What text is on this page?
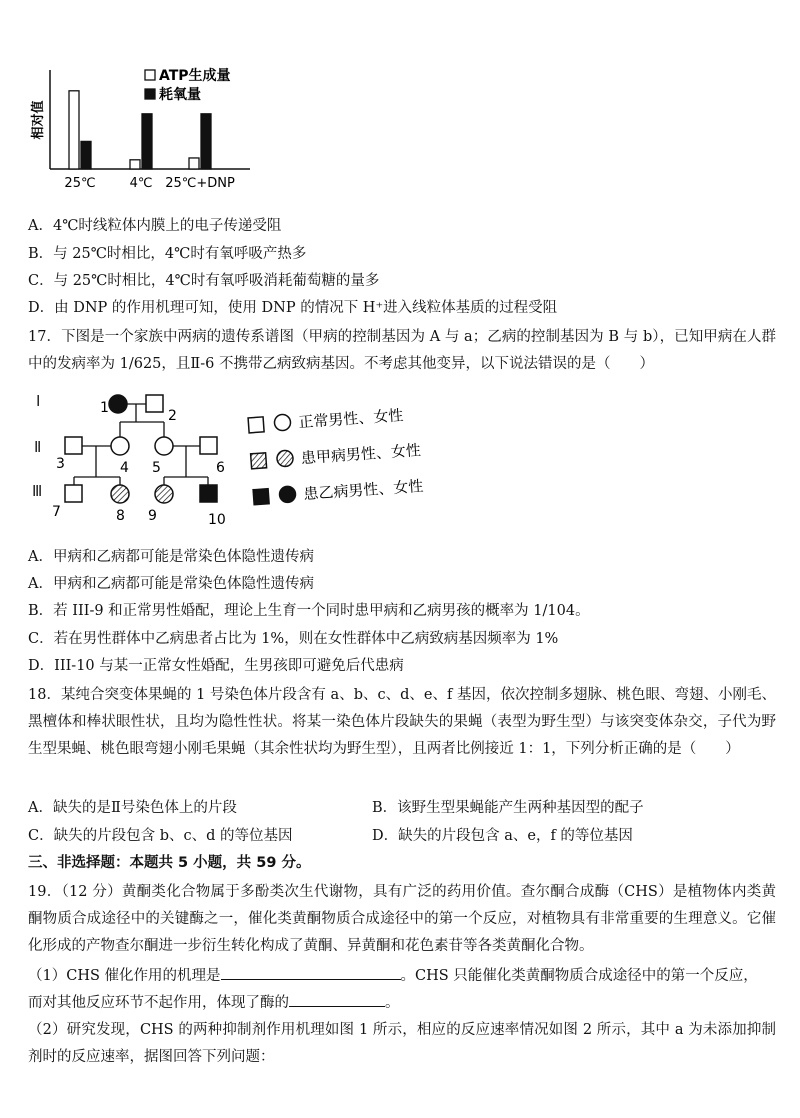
相对值
25℃	4℃ 25℃+DNP
ATP生成量
耗氧量
A．4℃时线粒体内膜上的电子传递受阻
B．与 25℃时相比，4℃时有氧呼吸产热多
C．与 25℃时相比，4℃时有氧呼吸消耗葡萄糖的量多
D．由 DNP 的作用机理可知，使用 DNP 的情况下 H⁺进入线粒体基质的过程受阻
17．下图是一个家族中两病的遗传系谱图（甲病的控制基因为 A 与 a；乙病的控制基因为 B 与 b），已知甲病在人群中的发病率为 1/625，且Ⅱ-6 不携带乙病致病基因。不考虑其他变异，以下说法错误的是（　　）
Ⅰ
Ⅱ
Ⅲ
1	2
3	4 5	6
7	8 9	10
正常男性、女性
患甲病男性、女性
患乙病男性、女性
A．甲病和乙病都可能是常染色体隐性遗传病
A．甲病和乙病都可能是常染色体隐性遗传病
B．若 III-9 和正常男性婚配，理论上生育一个同时患甲病和乙病男孩的概率为 1/104。
C．若在男性群体中乙病患者占比为 1%，则在女性群体中乙病致病基因频率为 1%
D．III-10 与某一正常女性婚配，生男孩即可避免后代患病
18．某纯合突变体果蝇的 1 号染色体片段含有 a、b、c、d、e、f 基因，依次控制多翅脉、桃色眼、弯翅、小刚毛、黑檀体和棒状眼性状，且均为隐性性状。将某一染色体片段缺失的果蝇（表型为野生型）与该突变体杂交，子代为野生型果蝇、桃色眼弯翅小刚毛果蝇（其余性状均为野生型），且两者比例接近 1：1，下列分析正确的是（　　）
A．缺失的是Ⅱ号染色体上的片段	B．该野生型果蝇能产生两种基因型的配子
C．缺失的片段包含 b、c、d 的等位基因	D．缺失的片段包含 a、e，f 的等位基因
三、非选择题：本题共 5 小题，共 59 分。
19．（12 分）黄酮类化合物属于多酚类次生代谢物，具有广泛的药用价值。查尔酮合成酶（CHS）是植物体内类黄酮物质合成途径中的关键酶之一，催化类黄酮物质合成途径中的第一个反应，对植物具有非常重要的生理意义。它催化形成的产物查尔酮进一步衍生转化构成了黄酮、异黄酮和花色素苷等各类黄酮化合物。
（1）CHS 催化作用的机理是	。CHS 只能催化类黄酮物质合成途径中的第一个反应，
而对其他反应环节不起作用，体现了酶的	。
（2）研究发现，CHS 的两种抑制剂作用机理如图 1 所示，相应的反应速率情况如图 2 所示，其中 a 为未添加抑制剂时的反应速率，据图回答下列问题：
